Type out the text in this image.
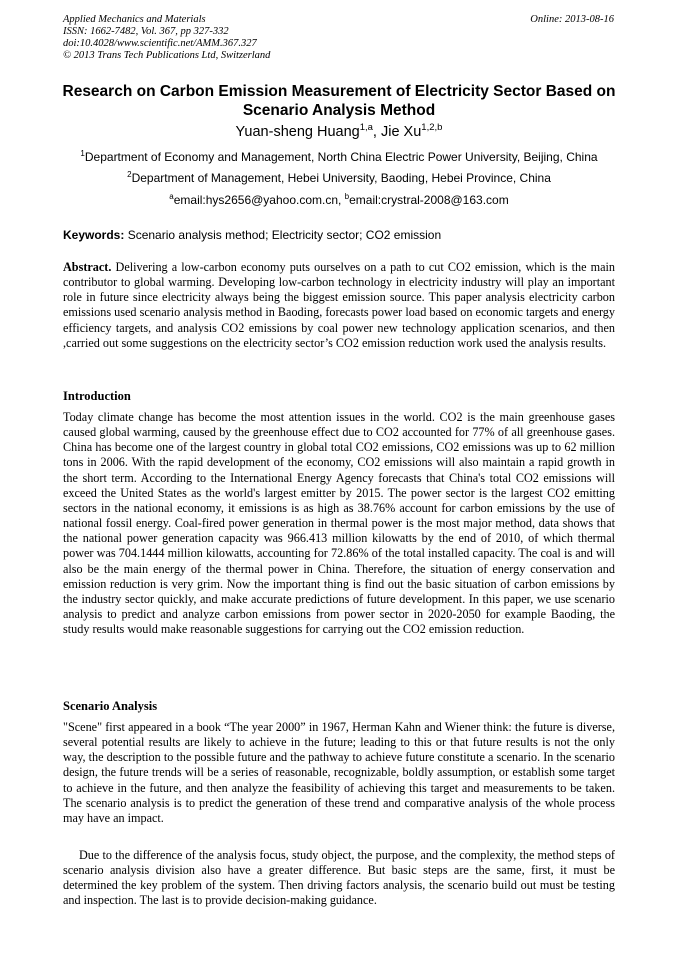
Applied Mechanics and Materials
ISSN: 1662-7482, Vol. 367, pp 327-332
doi:10.4028/www.scientific.net/AMM.367.327
© 2013 Trans Tech Publications Ltd, Switzerland
Online: 2013-08-16
Research on Carbon Emission Measurement of Electricity Sector Based on Scenario Analysis Method
Yuan-sheng Huang$^{1,a}$, Jie Xu$^{1,2,b}$
$^1$Department of Economy and Management, North China Electric Power University, Beijing, China
$^2$Department of Management, Hebei University, Baoding, Hebei Province, China
$^a$email:hys2656@yahoo.com.cn, $^b$email:crystral-2008@163.com
Keywords: Scenario analysis method; Electricity sector; CO2 emission

Abstract. Delivering a low-carbon economy puts ourselves on a path to cut CO2 emission, which is the main contributor to global warming. Developing low-carbon technology in electricity industry will play an important role in future since electricity always being the biggest emission source. This paper analysis electricity carbon emissions used scenario analysis method in Baoding, forecasts power load based on economic targets and energy efficiency targets, and analysis CO2 emissions by coal power new technology application scenarios, and then ,carried out some suggestions on the electricity sector’s CO2 emission reduction work used the analysis results.

Introduction

Today climate change has become the most attention issues in the world. CO2 is the main greenhouse gases caused global warming, caused by the greenhouse effect due to CO2 accounted for 77% of all greenhouse gases. China has become one of the largest country in global total CO2 emissions, CO2 emissions was up to 62 million tons in 2006. With the rapid development of the economy, CO2 emissions will also maintain a rapid growth in the short term. According to the International Energy Agency forecasts that China's total CO2 emissions will exceed the United States as the world's largest emitter by 2015. The power sector is the largest CO2 emitting sectors in the national economy, it emissions is as high as 38.76% account for carbon emissions by the use of national fossil energy. Coal-fired power generation in thermal power is the most major method, data shows that the national power generation capacity was 966.413 million kilowatts by the end of 2010, of which thermal power was 704.1444 million kilowatts, accounting for 72.86% of the total installed capacity. The coal is and will also be the main energy of the thermal power in China. Therefore, the situation of energy conservation and emission reduction is very grim. Now the important thing is find out the basic situation of carbon emissions by the industry sector quickly, and make accurate predictions of future development. In this paper, we use scenario analysis to predict and analyze carbon emissions from power sector in 2020-2050 for example Baoding, the study results would make reasonable suggestions for carrying out the CO2 emission reduction.

Scenario Analysis

"Scene" first appeared in a book “The year 2000” in 1967, Herman Kahn and Wiener think: the future is diverse, several potential results are likely to achieve in the future; leading to this or that future results is not the only way, the description to the possible future and the pathway to achieve future constitute a scenario. In the scenario design, the future trends will be a series of reasonable, recognizable, boldly assumption, or establish some target to achieve in the future, and then analyze the feasibility of achieving this target and measurements to be taken. The scenario analysis is to predict the generation of these trend and comparative analysis of the whole process may have an impact.

Due to the difference of the analysis focus, study object, the purpose, and the complexity, the method steps of scenario analysis division also have a greater difference. But basic steps are the same, first, it must be determined the key problem of the system. Then driving factors analysis, the scenario build out must be testing and inspection. The last is to provide decision-making guidance.
